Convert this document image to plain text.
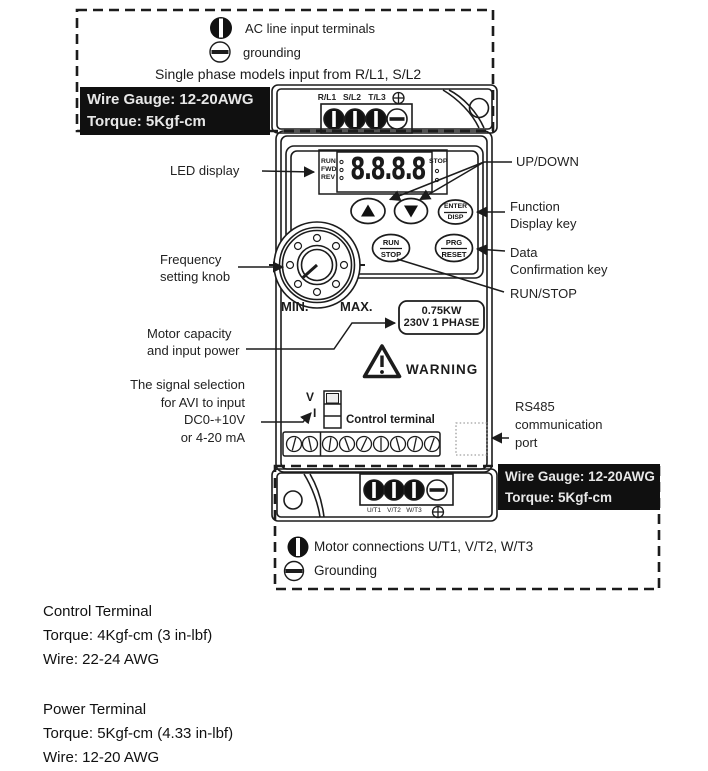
AC line input terminals
grounding
Single phase models input from R/L1, S/L2
Wire Gauge: 12-20AWG
Torque: 5Kgf-cm
Wire Gauge: 12-20AWG
Torque: 5Kgf-cm
R/L1 S/L2 T/L3
RUN
FWD
REV
STOP
8.8.8.8
ENTER
DISP
RUN
STOP
PRG
RESET
MIN. MAX.	0.75KW
230V 1 PHASE
WARNING
V
I	Control terminal
U/T1 V/T2 W/T3
LED display
Frequency
setting knob
Motor capacity
and input power
The signal selection
for AVI to input
DC0-+10V
or 4-20 mA
UP/DOWN
Function
Display key
Data
Confirmation key
RUN/STOP
RS485
communication
port
Motor connections U/T1, V/T2, W/T3
Grounding
Control Terminal
Torque: 4Kgf-cm (3 in-lbf)
Wire: 22-24 AWG
Power Terminal
Torque: 5Kgf-cm (4.33 in-lbf)
Wire: 12-20 AWG
